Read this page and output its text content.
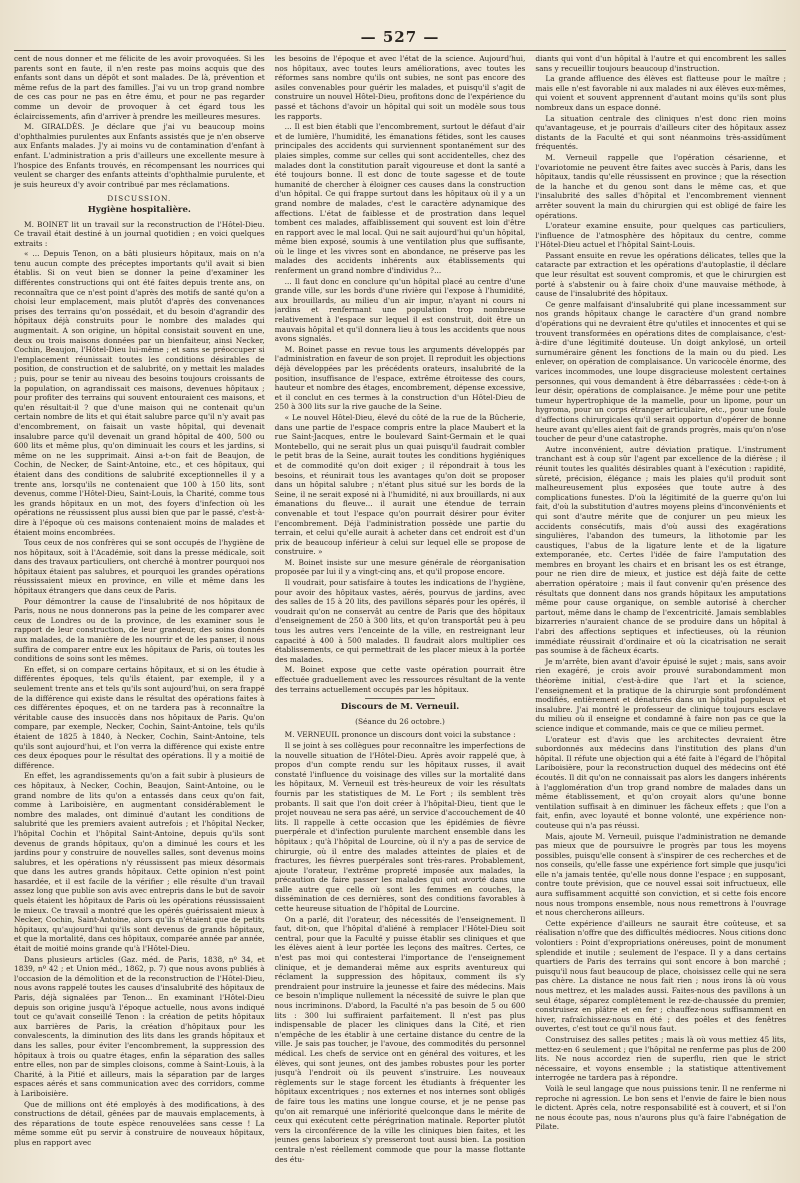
— 527 —

cent de nous donner et me félicite de les avoir provoquées. Si les parents sont en faute, il n'en reste pas moins acquis que des enfants sont dans un dépôt et sont malades. De là, prévention et même refus de la part des familles. J'ai vu un trop grand nombre de ces cas pour ne pas en être ému, et pour ne pas regarder comme un devoir de provoquer à cet égard tous les éclaircissements, afin d'arriver à prendre les meilleures mesures.

M. GIRALDÈS. Je déclare que j'ai vu beaucoup moins d'ophthalmies purulentes aux Enfants assistés que je n'en observe aux Enfants malades. J'y ai moins vu de contamination d'enfant à enfant. L'administration a pris d'ailleurs une excellente mesure à l'hospice des Enfants trouvés, en récompensant les nourrices qui veulent se charger des enfants atteints d'ophthalmie purulente, et je suis heureux d'y avoir contribué par mes réclamations.

DISCUSSION.
Hygiène hospitalière.

M. BOINET lit un travail sur la reconstruction de l'Hôtel-Dieu. Ce travail était destiné à un journal quotidien ; en voici quelques extraits :

« ... Depuis Tenon, on a bâti plusieurs hôpitaux, mais on n'a tenu aucun compte des préceptes importants qu'il avait si bien établis. Si on veut bien se donner la peine d'examiner les différentes constructions qui ont été faites depuis trente ans, on reconnaîtra que ce n'est point d'après des motifs de santé qu'on a choisi leur emplacement, mais plutôt d'après des convenances prises des terrains qu'on possédait, et du besoin d'agrandir des hôpitaux déjà construits pour le nombre des malades qui augmentait. A son origine, un hôpital consistait souvent en une, deux ou trois maisons données par un bienfaiteur, ainsi Necker, Cochin, Beaujon, l'Hôtel-Dieu lui-même ; et sans se préoccuper si l'emplacement réunissait toutes les conditions désirables de position, de construction et de salubrité, on y mettait les malades ; puis, pour se tenir au niveau des besoins toujours croissants de la population, on agrandissait ces maisons, devenues hôpitaux ; pour profiter des terrains qui souvent entouraient ces maisons, et qu'en résultait-il ? que d'une maison qui ne contenait qu'un certain nombre de lits et qui était salubre parce qu'il n'y avait pas d'encombrement, on faisait un vaste hôpital, qui devenait insalubre parce qu'il devenait un grand hôpital de 400, 500 ou 600 lits et même plus, qu'on diminuait les cours et les jardins, si même on ne les supprimait. Ainsi a-t-on fait de Beaujon, de Cochin, de Necker, de Saint-Antoine, etc., et ces hôpitaux, qui étaient dans des conditions de salubrité exceptionnelles il y a trente ans, lorsqu'ils ne contenaient que 100 à 150 lits, sont devenus, comme l'Hôtel-Dieu, Saint-Louis, la Charité, comme tous les grands hôpitaux en un mot, des foyers d'infection où les opérations ne réussissent plus aussi bien que par le passé, c'est-à-dire à l'époque où ces maisons contenaient moins de malades et étaient moins encombrées.

Tous ceux de nos confrères qui se sont occupés de l'hygiène de nos hôpitaux, soit à l'Académie, soit dans la presse médicale, soit dans des travaux particuliers, ont cherché à montrer pourquoi nos hôpitaux étaient pas salubres, et pourquoi les grandes opérations réussissaient mieux en province, en ville et même dans les hôpitaux étrangers que dans ceux de Paris.

Pour démontrer la cause de l'insalubrité de nos hôpitaux de Paris, nous ne nous donnerons pas la peine de les comparer avec ceux de Londres ou de la province, de les examiner sous le rapport de leur construction, de leur grandeur, des soins donnés aux malades, de la manière de les nourrir et de les panser, il nous suffira de comparer entre eux les hôpitaux de Paris, où toutes les conditions de soins sont les mêmes.

En effet, si on compare certains hôpitaux, et si on les étudie à différentes époques, tels qu'ils étaient, par exemple, il y a seulement trente ans et tels qu'ils sont aujourd'hui, on sera frappé de la différence qui existe dans le résultat des opérations faites à ces différentes époques, et on ne tardera pas à reconnaître la véritable cause des insuccès dans nos hôpitaux de Paris. Qu'on compare, par exemple, Necker, Cochin, Saint-Antoine, tels qu'ils étaient de 1825 à 1840, à Necker, Cochin, Saint-Antoine, tels qu'ils sont aujourd'hui, et l'on verra la différence qui existe entre ces deux époques pour le résultat des opérations. Il y a moitié de différence.

En effet, les agrandissements qu'on a fait subir à plusieurs de ces hôpitaux, à Necker, Cochin, Beaujon, Saint-Antoine, ou le grand nombre de lits qu'on a entassés dans ceux qu'on fait, comme à Lariboisière, en augmentant considérablement le nombre des malades, ont diminué d'autant les conditions de salubrité que les premiers avaient autrefois ; et l'hôpital Necker, l'hôpital Cochin et l'hôpital Saint-Antoine, depuis qu'ils sont devenus de grands hôpitaux, qu'on a diminué les cours et les jardins pour y construire de nouvelles salles, sont devenus moins salubres, et les opérations n'y réussissent pas mieux désormais que dans les autres grands hôpitaux. Cette opinion n'est point hasardée, et il est facile de la vérifier ; elle résulte d'un travail assez long que publie son avis avec entrepris dans le but de savoir quels étaient les hôpitaux de Paris où les opérations réussissaient le mieux. Ce travail a montré que les opérés guérissaient mieux à Necker, Cochin, Saint-Antoine, alors qu'ils n'étaient que de petits hôpitaux, qu'aujourd'hui qu'ils sont devenus de grands hôpitaux, et que la mortalité, dans ces hôpitaux, comparée année par année, était de moitié moins grande qu'à l'Hôtel-Dieu.

Dans plusieurs articles (Gaz. méd. de Paris, 1838, nº 34, et 1839, nº 42 ; et Union méd., 1862, p. 7) que nous avons publiés à l'occasion de la démolition et de la reconstruction de l'Hôtel-Dieu, nous avons rappelé toutes les causes d'insalubrité des hôpitaux de Paris, déjà signalées par Tenon... En examinant l'Hôtel-Dieu depuis son origine jusqu'à l'époque actuelle, nous avons indiqué tout ce qu'avait conseillé Tenon : la création de petits hôpitaux aux barrières de Paris, la création d'hôpitaux pour les convalescents, la diminution des lits dans les grands hôpitaux et dans les salles, pour éviter l'encombrement, la suppression des hôpitaux à trois ou quatre étages, enfin la séparation des salles entre elles, non par de simples cloisons, comme à Saint-Louis, à la Charité, à la Pitié et ailleurs, mais la séparation par de larges espaces aérés et sans communication avec des corridors, comme à Lariboisière.

Que de millions ont été employés à des modifications, à des constructions de détail, gênées par de mauvais emplacements, à des réparations de toute espèce renouvelées sans cesse ! La même somme eût pu servir à construire de nouveaux hôpitaux, plus en rapport avec

les besoins de l'époque et avec l'état de la science. Aujourd'hui, nos hôpitaux, avec toutes leurs améliorations, avec toutes les réformes sans nombre qu'ils ont subies, ne sont pas encore des asiles convenables pour guérir les malades, et puisqu'il s'agit de construire un nouvel Hôtel-Dieu, profitons donc de l'expérience du passé et tâchons d'avoir un hôpital qui soit un modèle sous tous les rapports.

... Il est bien établi que l'encombrement, surtout le défaut d'air et de lumière, l'humidité, les émanations fétides, sont les causes principales des accidents qui surviennent spontanément sur des plaies simples, comme sur celles qui sont accidentelles, chez des malades dont la constitution paraît vigoureuse et dont la santé a été toujours bonne. Il est donc de toute sagesse et de toute humanité de chercher à éloigner ces causes dans la construction d'un hôpital. Ce qui frappe surtout dans les hôpitaux où il y a un grand nombre de malades, c'est le caractère adynamique des affections. L'état de faiblesse et de prostration dans lequel tombent ces malades, affaiblissement qui souvent est loin d'être en rapport avec le mal local. Qui ne sait aujourd'hui qu'un hôpital, même bien exposé, soumis à une ventilation plus que suffisante, où le linge et les vivres sont en abondance, ne préserve pas les malades des accidents inhérents aux établissements qui renferment un grand nombre d'individus ?...

... Il faut donc en conclure qu'un hôpital placé au centre d'une grande ville, sur les bords d'une rivière qui l'expose à l'humidité, aux brouillards, au milieu d'un air impur, n'ayant ni cours ni jardins et renfermant une population trop nombreuse relativement à l'espace sur lequel il est construit, doit être un mauvais hôpital et qu'il donnera lieu à tous les accidents que nous avons signalés.

M. Boinet passe en revue tous les arguments développés par l'administration en faveur de son projet. Il reproduit les objections déjà développées par les précédents orateurs, insalubrité de la position, insuffisance de l'espace, extrême étroitesse des cours, hauteur et nombre des étages, encombrement, dépense excessive, et il conclut en ces termes à la construction d'un Hôtel-Dieu de 250 à 300 lits sur la rive gauche de la Seine.

« Le nouvel Hôtel-Dieu, élevé du côté de la rue de la Bûcherie, dans une partie de l'espace compris entre la place Maubert et la rue Saint-Jacques, entre le boulevard Saint-Germain et le quai Montebello, qui ne serait plus un quai puisqu'il faudrait combler le petit bras de la Seine, aurait toutes les conditions hygiéniques et de commodité qu'on doit exiger ; il répondrait à tous les besoins, et réunirait tous les avantages qu'on doit se proposer dans un hôpital salubre ; n'étant plus situé sur les bords de la Seine, il ne serait exposé ni à l'humidité, ni aux brouillards, ni aux émanations du fleuve... il aurait une étendue de terrain convenable et tout l'espace qu'on pourrait désirer pour éviter l'encombrement. Déjà l'administration possède une partie du terrain, et celui qu'elle aurait à acheter dans cet endroit est d'un prix de beaucoup inférieur à celui sur lequel elle se propose de construire. »

M. Boinet insiste sur une mesure générale de réorganisation proposée par lui il y a vingt-cinq ans, et qu'il propose encore.

Il voudrait, pour satisfaire à toutes les indications de l'hygiène, pour avoir des hôpitaux vastes, aérés, pourvus de jardins, avec des salles de 15 à 20 lits, des pavillons séparés pour les opérés, il voudrait qu'on ne conservât au centre de Paris que des hôpitaux d'enseignement de 250 à 300 lits, et qu'on transportât peu à peu tous les autres vers l'enceinte de la ville, en restreignant leur capacité à 400 à 500 malades. Il faudrait alors multiplier ces établissements, ce qui permettrait de les placer mieux à la portée des malades.

M. Boinet expose que cette vaste opération pourrait être effectuée graduellement avec les ressources résultant de la vente des terrains actuellement occupés par les hôpitaux.

Discours de M. Verneuil.
(Séance du 26 octobre.)

M. VERNEUIL prononce un discours dont voici la substance :

Il se joint à ses collègues pour reconnaître les imperfections de la nouvelle situation de l'Hôtel-Dieu. Après avoir rappelé que, à propos d'un compte rendu sur les hôpitaux russes, il avait constaté l'influence du voisinage des villes sur la mortalité dans les hôpitaux, M. Verneuil est très-heureux de voir les résultats fournis par les statistiques de M. Le Fort ; ils semblent très probants. Il sait que l'on doit créer à l'hôpital-Dieu, tient que le projet nouveau ne sera pas aéré, un service d'accouchement de 40 lits. Il rappelle à cette occasion que les épidémies de fièvre puerpérale et d'infection purulente marchent ensemble dans les hôpitaux ; qu'à l'hôpital de Lourcine, où il n'y a pas de service de chirurgie, où il entre des malades atteintes de plaies et de fractures, les fièvres puerpérales sont très-rares. Probablement, ajoute l'orateur, l'extrême propreté imposée aux malades, la précaution de faire passer les malades qui ont avorté dans une salle autre que celle où sont les femmes en couches, la dissémination de ces dernières, sont des conditions favorables à cette heureuse situation de l'hôpital de Lourcine.

On a parlé, dit l'orateur, des nécessités de l'enseignement. Il faut, dit-on, que l'hôpital d'aliéné à remplacer l'Hôtel-Dieu soit central, pour que la Faculté y puisse établir ses cliniques et que les élèves aient à leur portée les leçons des maîtres. Certes, ce n'est pas moi qui contesterai l'importance de l'enseignement clinique, et je demanderai même aux esprits aventureux qui réclament la suppression des hôpitaux, comment ils s'y prendraient pour instruire la jeunesse et faire des médecins. Mais ce besoin n'implique nullement la nécessité de suivre le plan que nous incriminons. D'abord, la Faculté n'a pas besoin de 5 ou 600 lits : 300 lui suffiraient parfaitement. Il n'est pas plus indispensable de placer les cliniques dans la Cité, et rien n'empêche de les établir à une certaine distance du centre de la ville. Je sais pas toucher, je l'avoue, des commodités du personnel médical. Les chefs de service ont en général des voitures, et les élèves, qui sont jeunes, ont des jambes robustes pour les porter jusqu'à l'endroit où ils peuvent s'instruire. Les nouveaux règlements sur le stage forcent les étudiants à fréquenter les hôpitaux excentriques ; nos externes et nos internes sont obligés de faire tous les matins une longue course, et je ne pense pas qu'on ait remarqué une infériorité quelconque dans le mérite de ceux qui exécutent cette pérégrination matinale. Reporter plutôt vers la circonférence de la ville les cliniques bien faites, et les jeunes gens laborieux s'y presseront tout aussi bien. La position centrale n'est réellement commode que pour la masse flottante des étu-

diants qui vont d'un hôpital à l'autre et qui encombrent les salles sans y recueillir toujours beaucoup d'instruction.

La grande affluence des élèves est flatteuse pour le maître ; mais elle n'est favorable ni aux malades ni aux élèves eux-mêmes, qui voient et souvent apprennent d'autant moins qu'ils sont plus nombreux dans un espace donné.

La situation centrale des cliniques n'est donc rien moins qu'avantageuse, et je pourrais d'ailleurs citer des hôpitaux assez distants de la Faculté et qui sont néanmoins très-assidûment fréquentés.

M. Verneuil rappelle que l'opération césarienne, et l'ovariotomie ne peuvent être faites avec succès à Paris, dans les hôpitaux, tandis qu'elle réussissent en province ; que la résection de la hanche et du genou sont dans le même cas, et que l'insalubrité des salles d'hôpital et l'encombrement viennent arrêter souvent la main du chirurgien qui est obligé de faire les opérations.

L'orateur examine ensuite, pour quelques cas particuliers, l'influence de l'atmosphère des hôpitaux du centre, comme l'Hôtel-Dieu actuel et l'hôpital Saint-Louis.

Passant ensuite en revue les opérations délicates, telles que la cataracte par extraction et les opérations d'autoplastie, il déclare que leur résultat est souvent compromis, et que le chirurgien est porté à s'abstenir ou à faire choix d'une mauvaise méthode, à cause de l'insalubrité des hôpitaux.

Ce genre malfaisant d'insalubrité qui plane incessamment sur nos grands hôpitaux change le caractère d'un grand nombre d'opérations qui ne devraient être qu'utiles et innocentes et qui se trouvent transformées en opérations dites de complaisance, c'est-à-dire d'une légitimité douteuse. Un doigt ankylosé, un orteil surnuméraire gênent les fonctions de la main ou du pied. Les enlever, on opération de complaisance. Un varicocèle énorme, des varices incommodes, une loupe disgracieuse molestent certaines personnes, qui vous demandent à être débarrassées : cède-t-on à leur désir, opérations de complaisance. Je même pour une petite tumeur hypertrophique de la mamelle, pour un lipome, pour un hygroma, pour un corps étranger articulaire, etc., pour une foule d'affections chirurgicales qu'il serait opportun d'opérer de bonne heure avant qu'elles aient fait de grands progrès, mais qu'on n'ose toucher de peur d'une catastrophe.

Autre inconvénient, autre déviation pratique. L'instrument tranchant est à coup sûr l'agent par excellence de la diérèse ; il réunit toutes les qualités désirables quant à l'exécution : rapidité, sûreté, précision, élégance ; mais les plaies qu'il produit sont malheureusement plus exposées que toute autre à des complications funestes. D'où la légitimité de la guerre qu'on lui fait, d'où la substitution d'autres moyens pleins d'inconvénients et qui sont d'autre mérite que de conjurer un peu mieux les accidents consécutifs, mais d'où aussi des exagérations singulières, l'abandon des tumeurs, la lithotomie par les caustiques, l'abus de la ligature lente et de la ligature extemporanée, etc. Certes l'idée de faire l'amputation des membres en broyant les chairs et en brisant les os est étrange, pour ne rien dire de mieux, et justice est déjà faite de cette aberration opératoire ; mais il faut convenir qu'en présence des résultats que donnent dans nos grands hôpitaux les amputations même pour cause organique, on semble autorisé à chercher partout, même dans le champ de l'excentricité. Jamais semblables bizarreries n'auraient chance de se produire dans un hôpital à l'abri des affections septiques et infectieuses, où la réunion immédiate réussirait d'ordinaire et où la cicatrisation ne serait pas soumise à de fâcheux écarts.

Je m'arrête, bien avant d'avoir épuisé le sujet ; mais, sans avoir rien exagéré, je crois avoir prouvé surabondamment mon théorème initial, c'est-à-dire que l'art et la science, l'enseignement et la pratique de la chirurgie sont profondément modifiés, entièrement et dénaturés dans un hôpital populeux et insalubre. J'ai montré le professeur de clinique toujours esclave du milieu où il enseigne et condamné à faire non pas ce que la science indique et commande, mais ce que ce milieu permet.

L'orateur est d'avis que les architectes devraient être subordonnés aux médecins dans l'institution des plans d'un hôpital. Il réfute une objection qui a été faite à l'égard de l'hôpital Lariboisière, pour la reconstruction duquel des médecins ont été écoutés. Il dit qu'on ne connaissait pas alors les dangers inhérents à l'agglomération d'un trop grand nombre de malades dans un même établissement, et qu'on croyait alors qu'une bonne ventilation suffisait à en diminuer les fâcheux effets ; que l'on a fait, enfin, avec loyauté et bonne volonté, une expérience non-couteuse qui n'a pas réussi.

Mais, ajoute M. Verneuil, puisque l'administration ne demande pas mieux que de poursuivre le progrès par tous les moyens possibles, puisqu'elle consent à s'inspirer de ces recherches et de nos conseils, qu'elle fasse une expérience fort simple que jusqu'ici elle n'a jamais tentée, qu'elle nous donne l'espace ; en supposant, contre toute prévision, que ce nouvel essai soit infructueux, elle aura suffisamment acquitté son conviction, et si cette fois encore nous nous trompons ensemble, nous nous remettrons à l'ouvrage et nous chercherons ailleurs.

Cette expérience d'ailleurs ne saurait être coûteuse, et sa réalisation n'offre que des difficultés médiocres. Nous citions donc volontiers : Point d'expropriations onéreuses, point de monument splendide et inutile ; seulement de l'espace. Il y a dans certains quartiers de Paris des terrains qui sont encore à bon marché ; puisqu'il nous faut beaucoup de place, choisissez celle qui ne sera pas chère. La distance ne nous fait rien ; nous irons là où vous nous mettrez, et les malades aussi. Faites-nous des pavillons à un seul étage, séparez complètement le rez-de-chaussée du premier, construisez en plâtre et en fer ; chauffez-nous suffisamment en hiver, rafraîchissez-nous en été ; des poêles et des fenêtres ouvertes, c'est tout ce qu'il nous faut.

Construisez des salles petites ; mais là où vous mettiez 45 lits, mettez-en 6 seulement ; que l'hôpital ne renferme pas plus de 200 lits. Ne nous accordez rien de superflu, rien que le strict nécessaire, et voyons ensemble ; la statistique attentivement interrogée ne tardera pas à répondre.

Voilà le seul langage que nous puissions tenir. Il ne renferme ni reproche ni agression. Le bon sens et l'envie de faire le bien nous le dictent. Après cela, notre responsabilité est à couvert, et si l'on ne nous écoute pas, nous n'aurons plus qu'à faire l'abnégation de Pilate.
